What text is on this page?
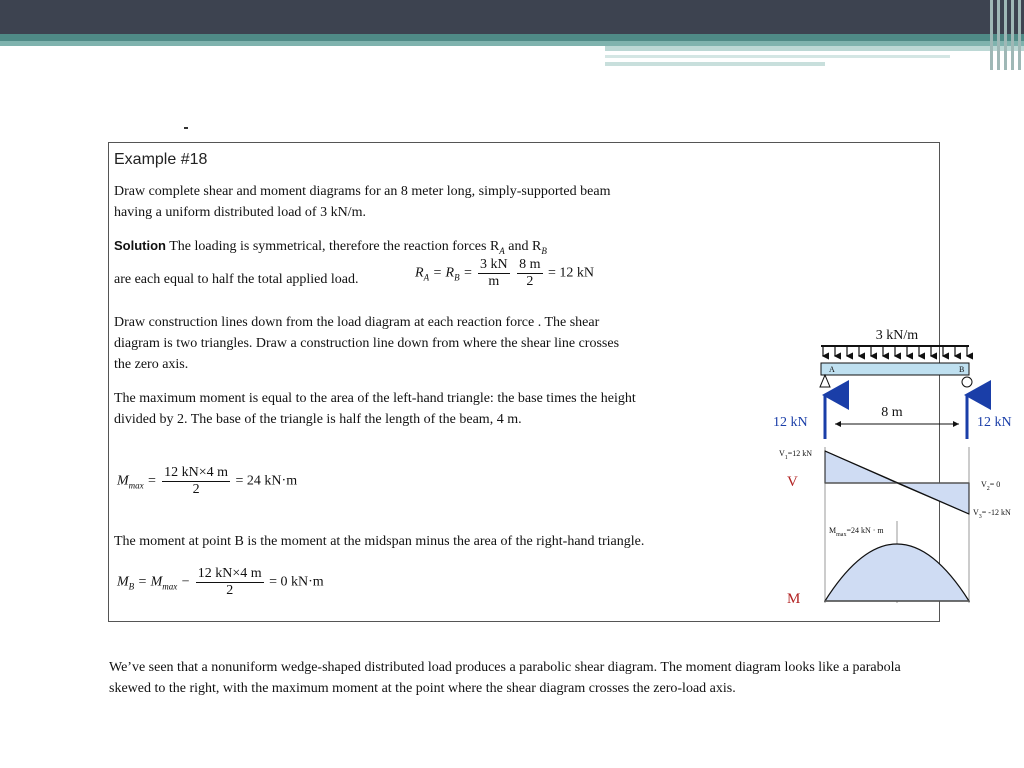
Example #18
Draw complete shear and moment diagrams for an 8 meter long, simply-supported beam having a uniform distributed load of 3 kN/m.
Solution The loading is symmetrical, therefore the reaction forces $R_A$ and $R_B$
are each equal to half the total applied load.	$R_A = R_B = \frac{3 kN}{m}$
$\frac{8 m}{2} = 12$ kN
Draw construction lines down from the load diagram at each reaction force . The shear diagram is two triangles. Draw a construction line down from where the shear line crosses the zero axis.
The maximum moment is equal to the area of the left-hand triangle: the base times the height divided by 2. The base of the triangle is half the length of the beam, 4 m.
$M_{max} = \frac{12 kN\times 4 m}{2} = 24$ kN·m
The moment at point B is the moment at the midspan minus the area of the right-hand triangle.
$M_B = M_{max} - \frac{12 kN\times 4 m}{2} = 0$ kN·m
3 kN/m
A	B
12 kN	12 kN
8 m
$V_1=12$ kN
V	$V_2= 0$
$V_3= -12$ kN
$M_{max}=24$ kN · m
M
We’ve seen that a nonuniform wedge-shaped distributed load produces a parabolic shear diagram. The moment diagram looks like a parabola skewed to the right, with the maximum moment at the point where the shear diagram crosses the zero-load axis.
